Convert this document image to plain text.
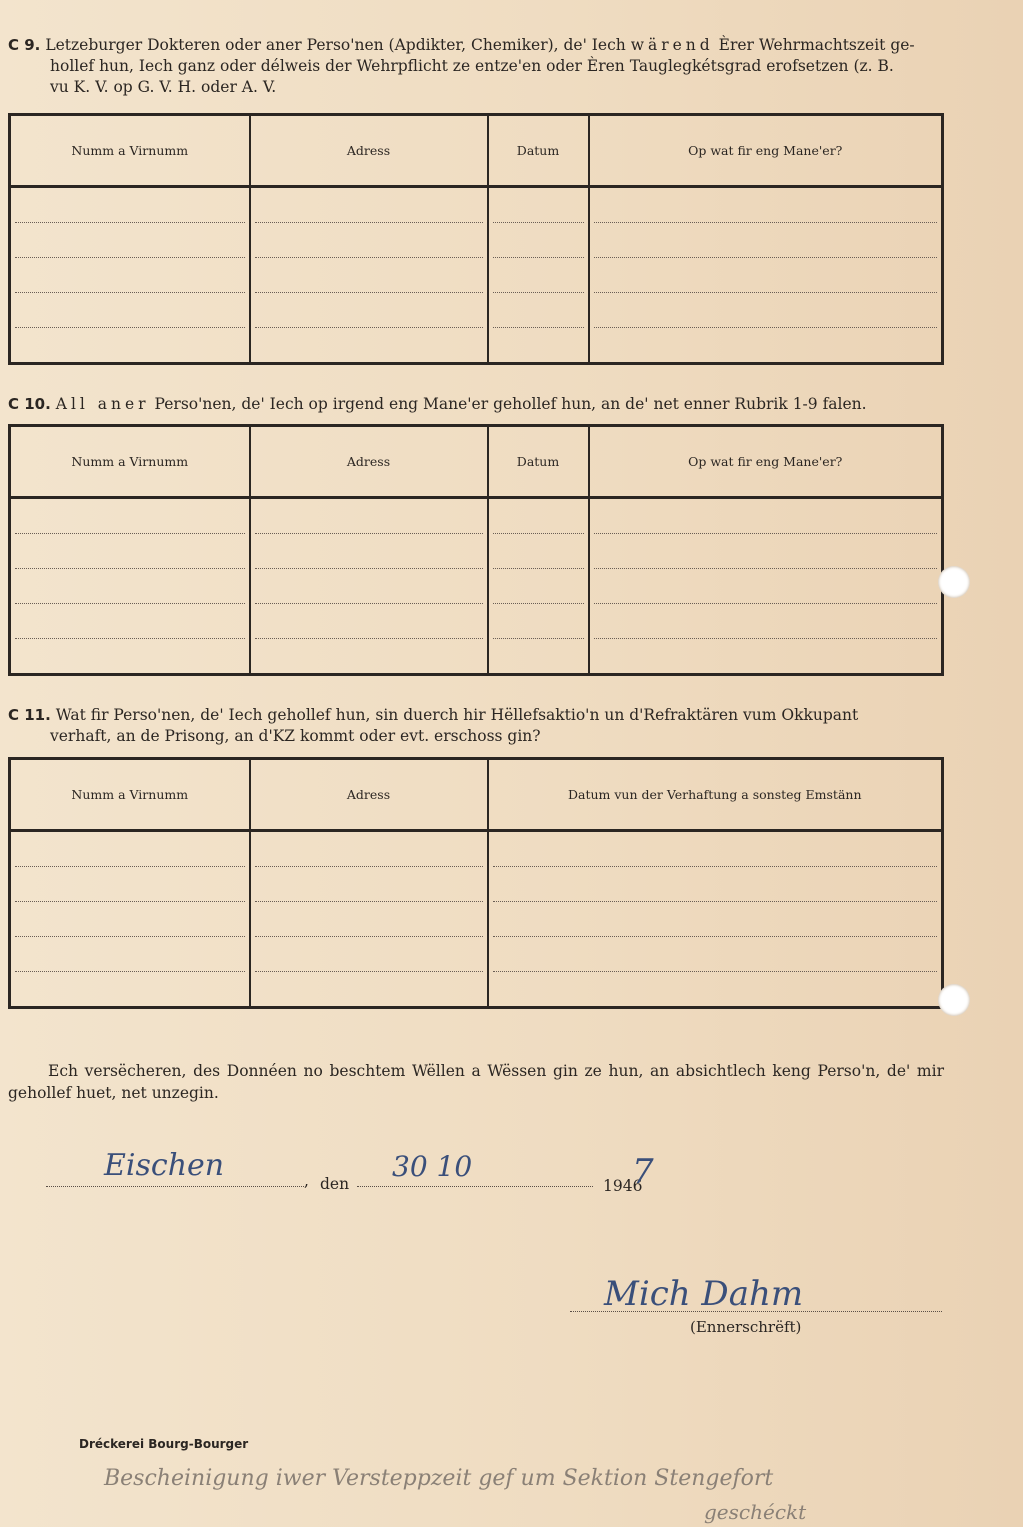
C 9. Letzeburger Dokteren oder aner Perso'nen (Apdikter, Chemiker), de' Iech wärend Èrer Wehrmachtszeit ge-
hollef hun, Iech ganz oder délweis der Wehrpflicht ze entze'en oder Èren Tauglegkétsgrad erofsetzen (z. B.
vu K. V. op G. V. H. oder A. V.
Numm a Virnumm	Adress	Datum	Op wat fir eng Mane'er?

C 10. All aner Perso'nen, de' Iech op irgend eng Mane'er gehollef hun, an de' net enner Rubrik 1-9 falen.
Numm a Virnumm	Adress	Datum	Op wat fir eng Mane'er?

C 11. Wat fir Perso'nen, de' Iech gehollef hun, sin duerch hir Hëllefsaktio'n un d'Refraktären vum Okkupant
verhaft, an de Prisong, an d'KZ kommt oder evt. erschoss gin?
Numm a Virnumm	Adress	Datum vun der Verhaftung a sonsteg Emstänn

Ech versëcheren, des Donnéen no beschtem Wëllen a Wëssen gin ze hun, an absichtlech keng Perso'n, de' mir gehollef huet, net unzegin.
Eischen	, den
30 10
1946
7
Mich Dahm
(Ennerschrëft)
Dréckerei Bourg-Bourger
Bescheinigung iwer Versteppzeit gef um Sektion Stengefort
geschéckt
